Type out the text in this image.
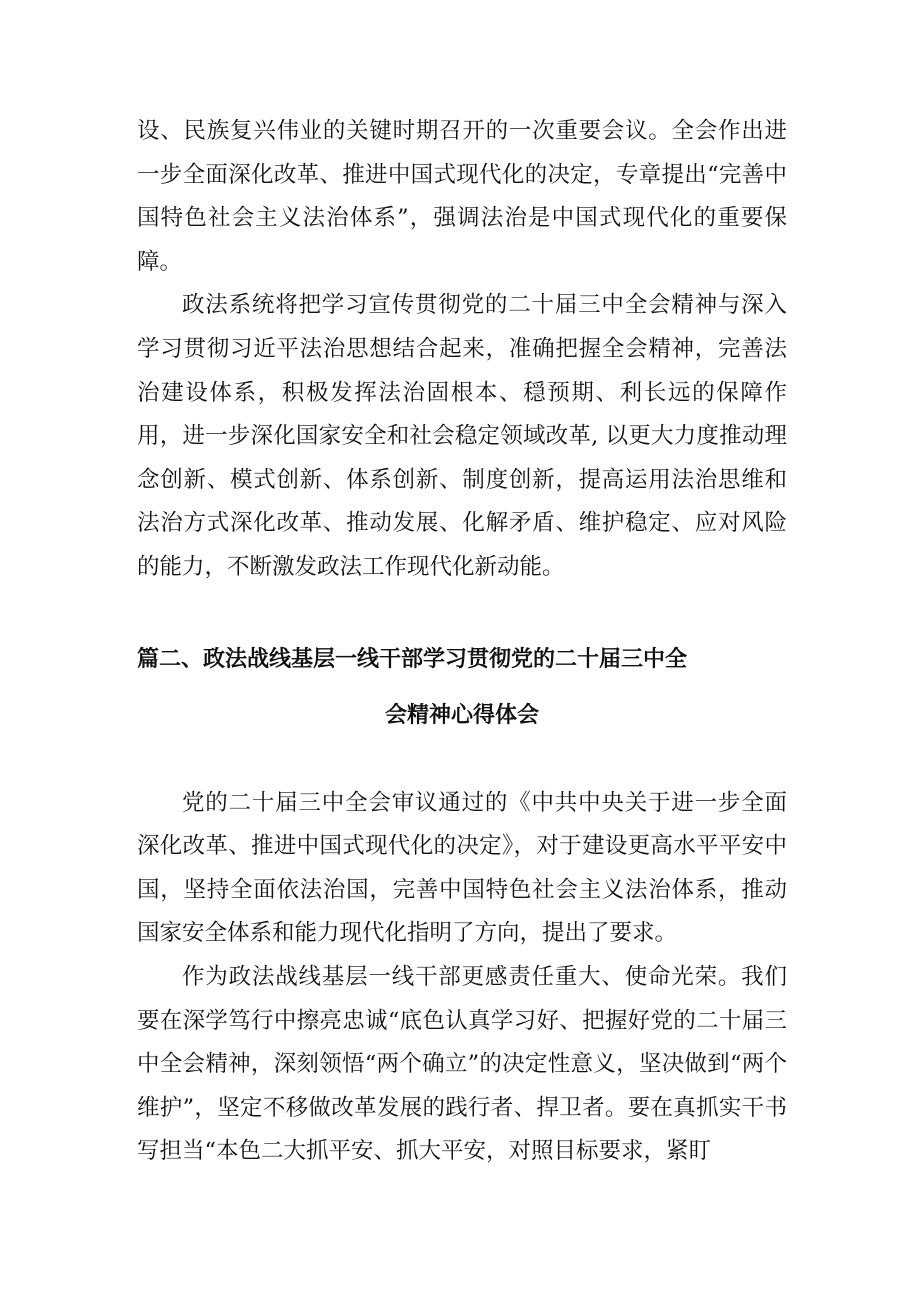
设、民族复兴伟业的关键时期召开的一次重要会议。全会作出进一步全面深化改革、推进中国式现代化的决定，专章提出“完善中国特色社会主义法治体系”，强调法治是中国式现代化的重要保障。

政法系统将把学习宣传贯彻党的二十届三中全会精神与深入学习贯彻习近平法治思想结合起来，准确把握全会精神，完善法治建设体系，积极发挥法治固根本、穏预期、利长远的保障作用，进一步深化国家安全和社会稳定领域改革, 以更大力度推动理念创新、模式创新、体系创新、制度创新，提高运用法治思维和法治方式深化改革、推动发展、化解矛盾、维护稳定、应对风险的能力，不断激发政法工作现代化新动能。

篇二、政法战线基层一线干部学习贯彻党的二十届三中全
会精神心得体会

党的二十届三中全会审议通过的《中共中央关于进一步全面深化改革、推进中国式现代化的决定》，对于建设更高水平平安中国，坚持全面依法治国，完善中国特色社会主义法治体系，推动国家安全体系和能力现代化指明了方向，提出了要求。

作为政法战线基层一线干部更感责任重大、使命光荣。我们要在深学笃行中擦亮忠诚“底色认真学习好、把握好党的二十届三中全会精神，深刻领悟“两个确立”的决定性意义，坚决做到“两个维护”，坚定不移做改革发展的践行者、捍卫者。要在真抓实干书写担当“本色二大抓平安、抓大平安，对照目标要求，紧盯
